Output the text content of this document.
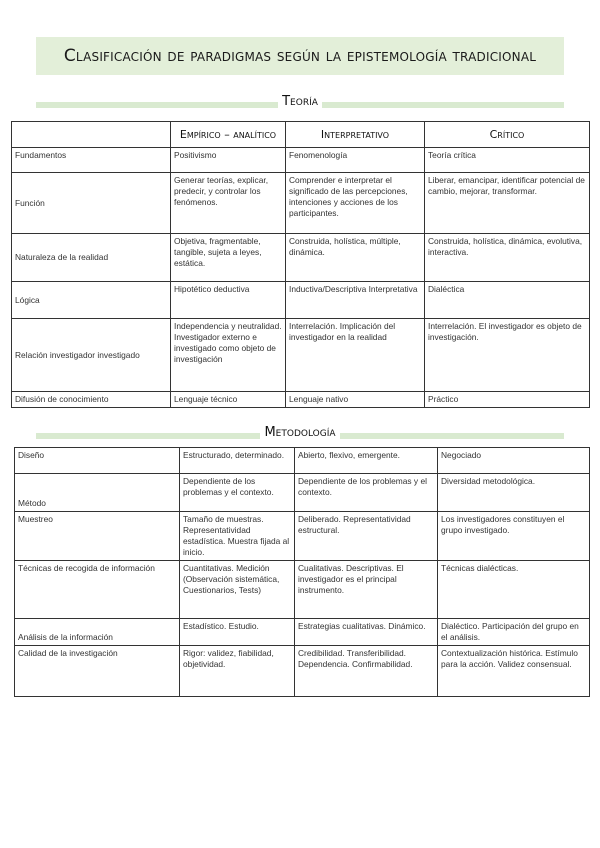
Clasificación de paradigmas según la epistemología tradicional
Teoría
	Empírico – analítico	Interpretativo	Crítico
Fundamentos	Positivismo	Fenomenología	Teoría crítica
Función	Generar teorías, explicar, predecir, y controlar los fenómenos.	Comprender e interpretar el significado de las percepciones, intenciones y acciones de los participantes.	Liberar, emancipar, identificar potencial de cambio, mejorar, transformar.
Naturaleza de la realidad	Objetiva, fragmentable, tangible, sujeta a leyes, estática.	Construida, holística, múltiple, dinámica.	Construida, holística, dinámica, evolutiva, interactiva.
Lógica	Hipotético deductiva	Inductiva/Descriptiva Interpretativa	Dialéctica
Relación investigador investigado	Independencia y neutralidad. Investigador externo e investigado como objeto de investigación	Interrelación. Implicación del investigador en la realidad	Interrelación. El investigador es objeto de investigación.
Difusión de conocimiento	Lenguaje técnico	Lenguaje nativo	Práctico
Metodología
Diseño	Estructurado, determinado.	Abierto, flexivo, emergente.	Negociado
Método	Dependiente de los problemas y el contexto.	Dependiente de los problemas y el contexto.	Diversidad metodológica.
Muestreo	Tamaño de muestras. Representatividad estadística. Muestra fijada al inicio.	Deliberado. Representatividad estructural.	Los investigadores constituyen el grupo investigado.
Técnicas de recogida de información	Cuantitativas. Medición (Observación sistemática, Cuestionarios, Tests)	Cualitativas. Descriptivas. El investigador es el principal instrumento.	Técnicas dialécticas.
Análisis de la información	Estadístico. Estudio.	Estrategias cualitativas. Dinámico.	Dialéctico. Participación del grupo en el análisis.
Calidad de la investigación	Rigor: validez, fiabilidad, objetividad.	Credibilidad. Transferibilidad. Dependencia. Confirmabilidad.	Contextualización histórica. Estímulo para la acción. Validez consensual.
